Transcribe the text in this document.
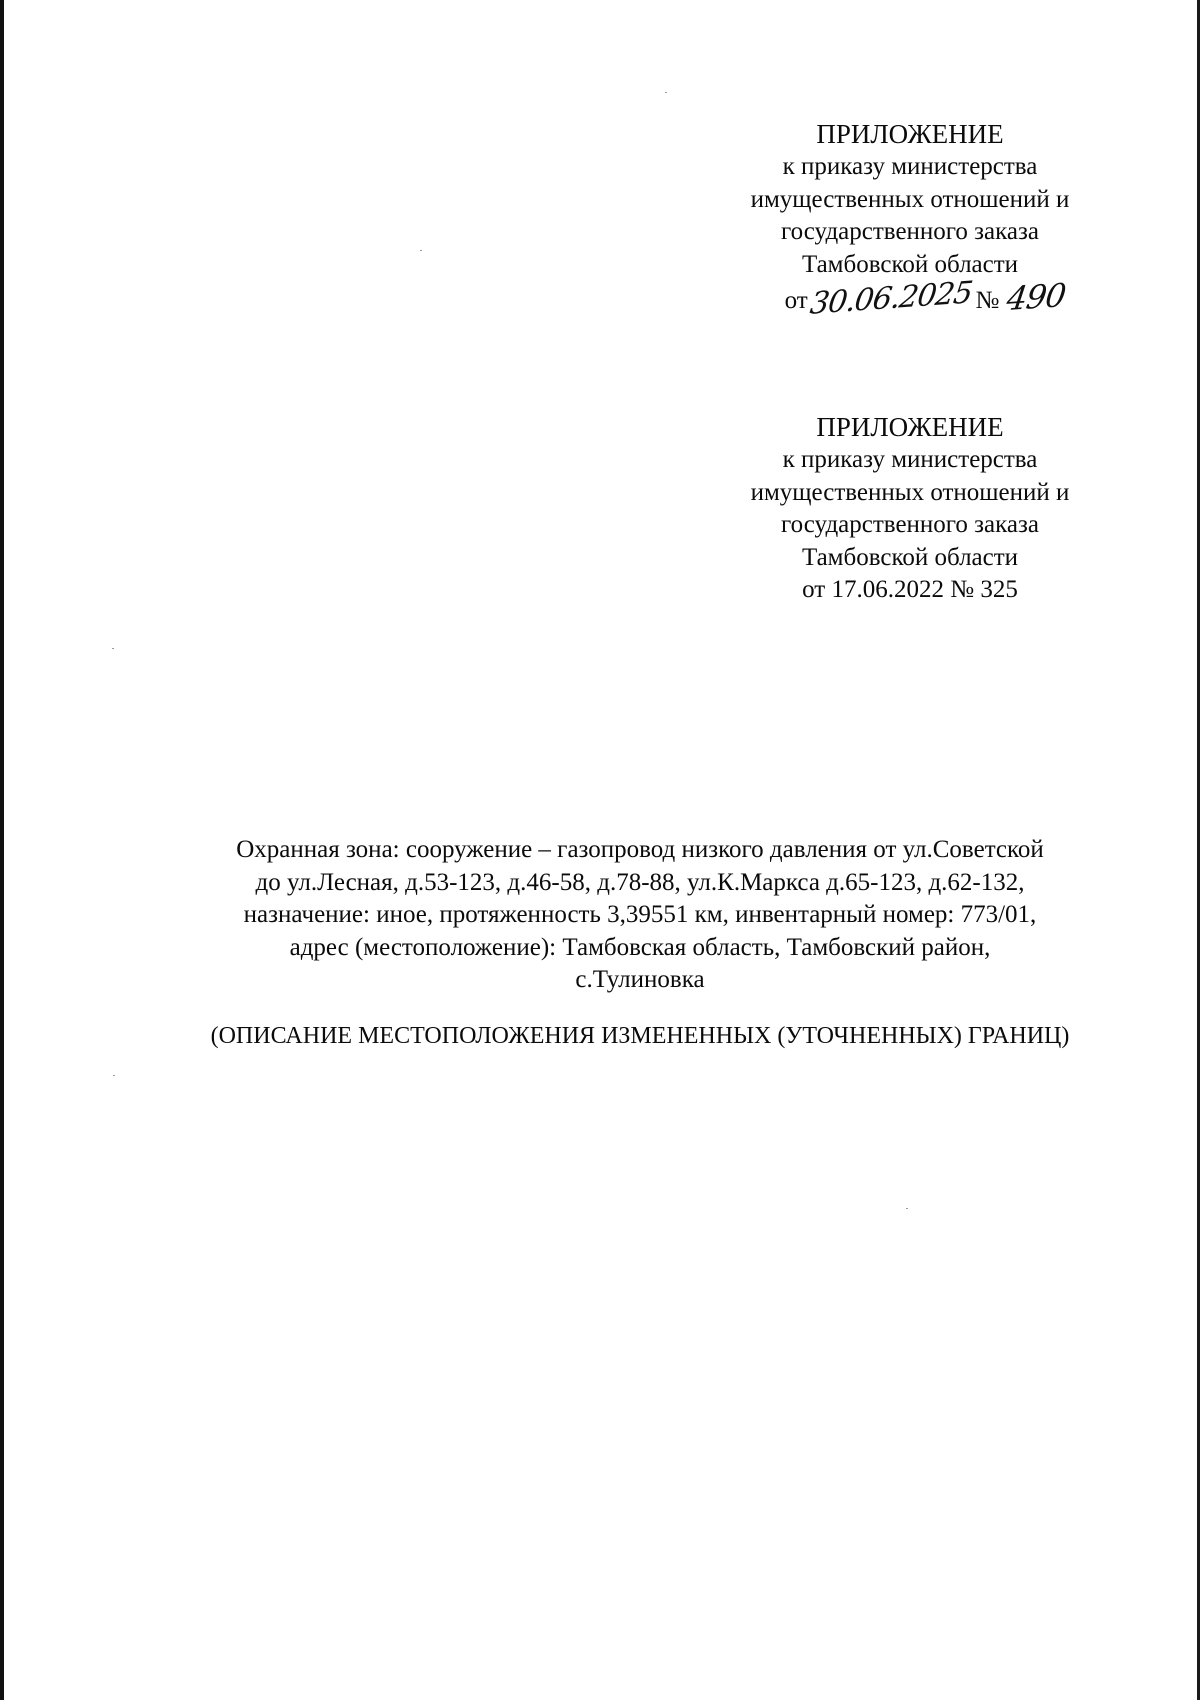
ПРИЛОЖЕНИЕ
к приказу министерства
имущественных отношений и
государственного заказа
Тамбовской области
от30.06.2025№ 490
ПРИЛОЖЕНИЕ
к приказу министерства
имущественных отношений и
государственного заказа
Тамбовской области
от 17.06.2022 № 325
Охранная зона: сооружение – газопровод низкого давления от ул.Советской
до ул.Лесная, д.53-123, д.46-58, д.78-88, ул.К.Маркса д.65-123, д.62-132,
назначение: иное, протяженность 3,39551 км, инвентарный номер: 773/01,
адрес (местоположение): Тамбовская область, Тамбовский район,
с.Тулиновка
(ОПИСАНИЕ МЕСТОПОЛОЖЕНИЯ ИЗМЕНЕННЫХ (УТОЧНЕННЫХ) ГРАНИЦ)
